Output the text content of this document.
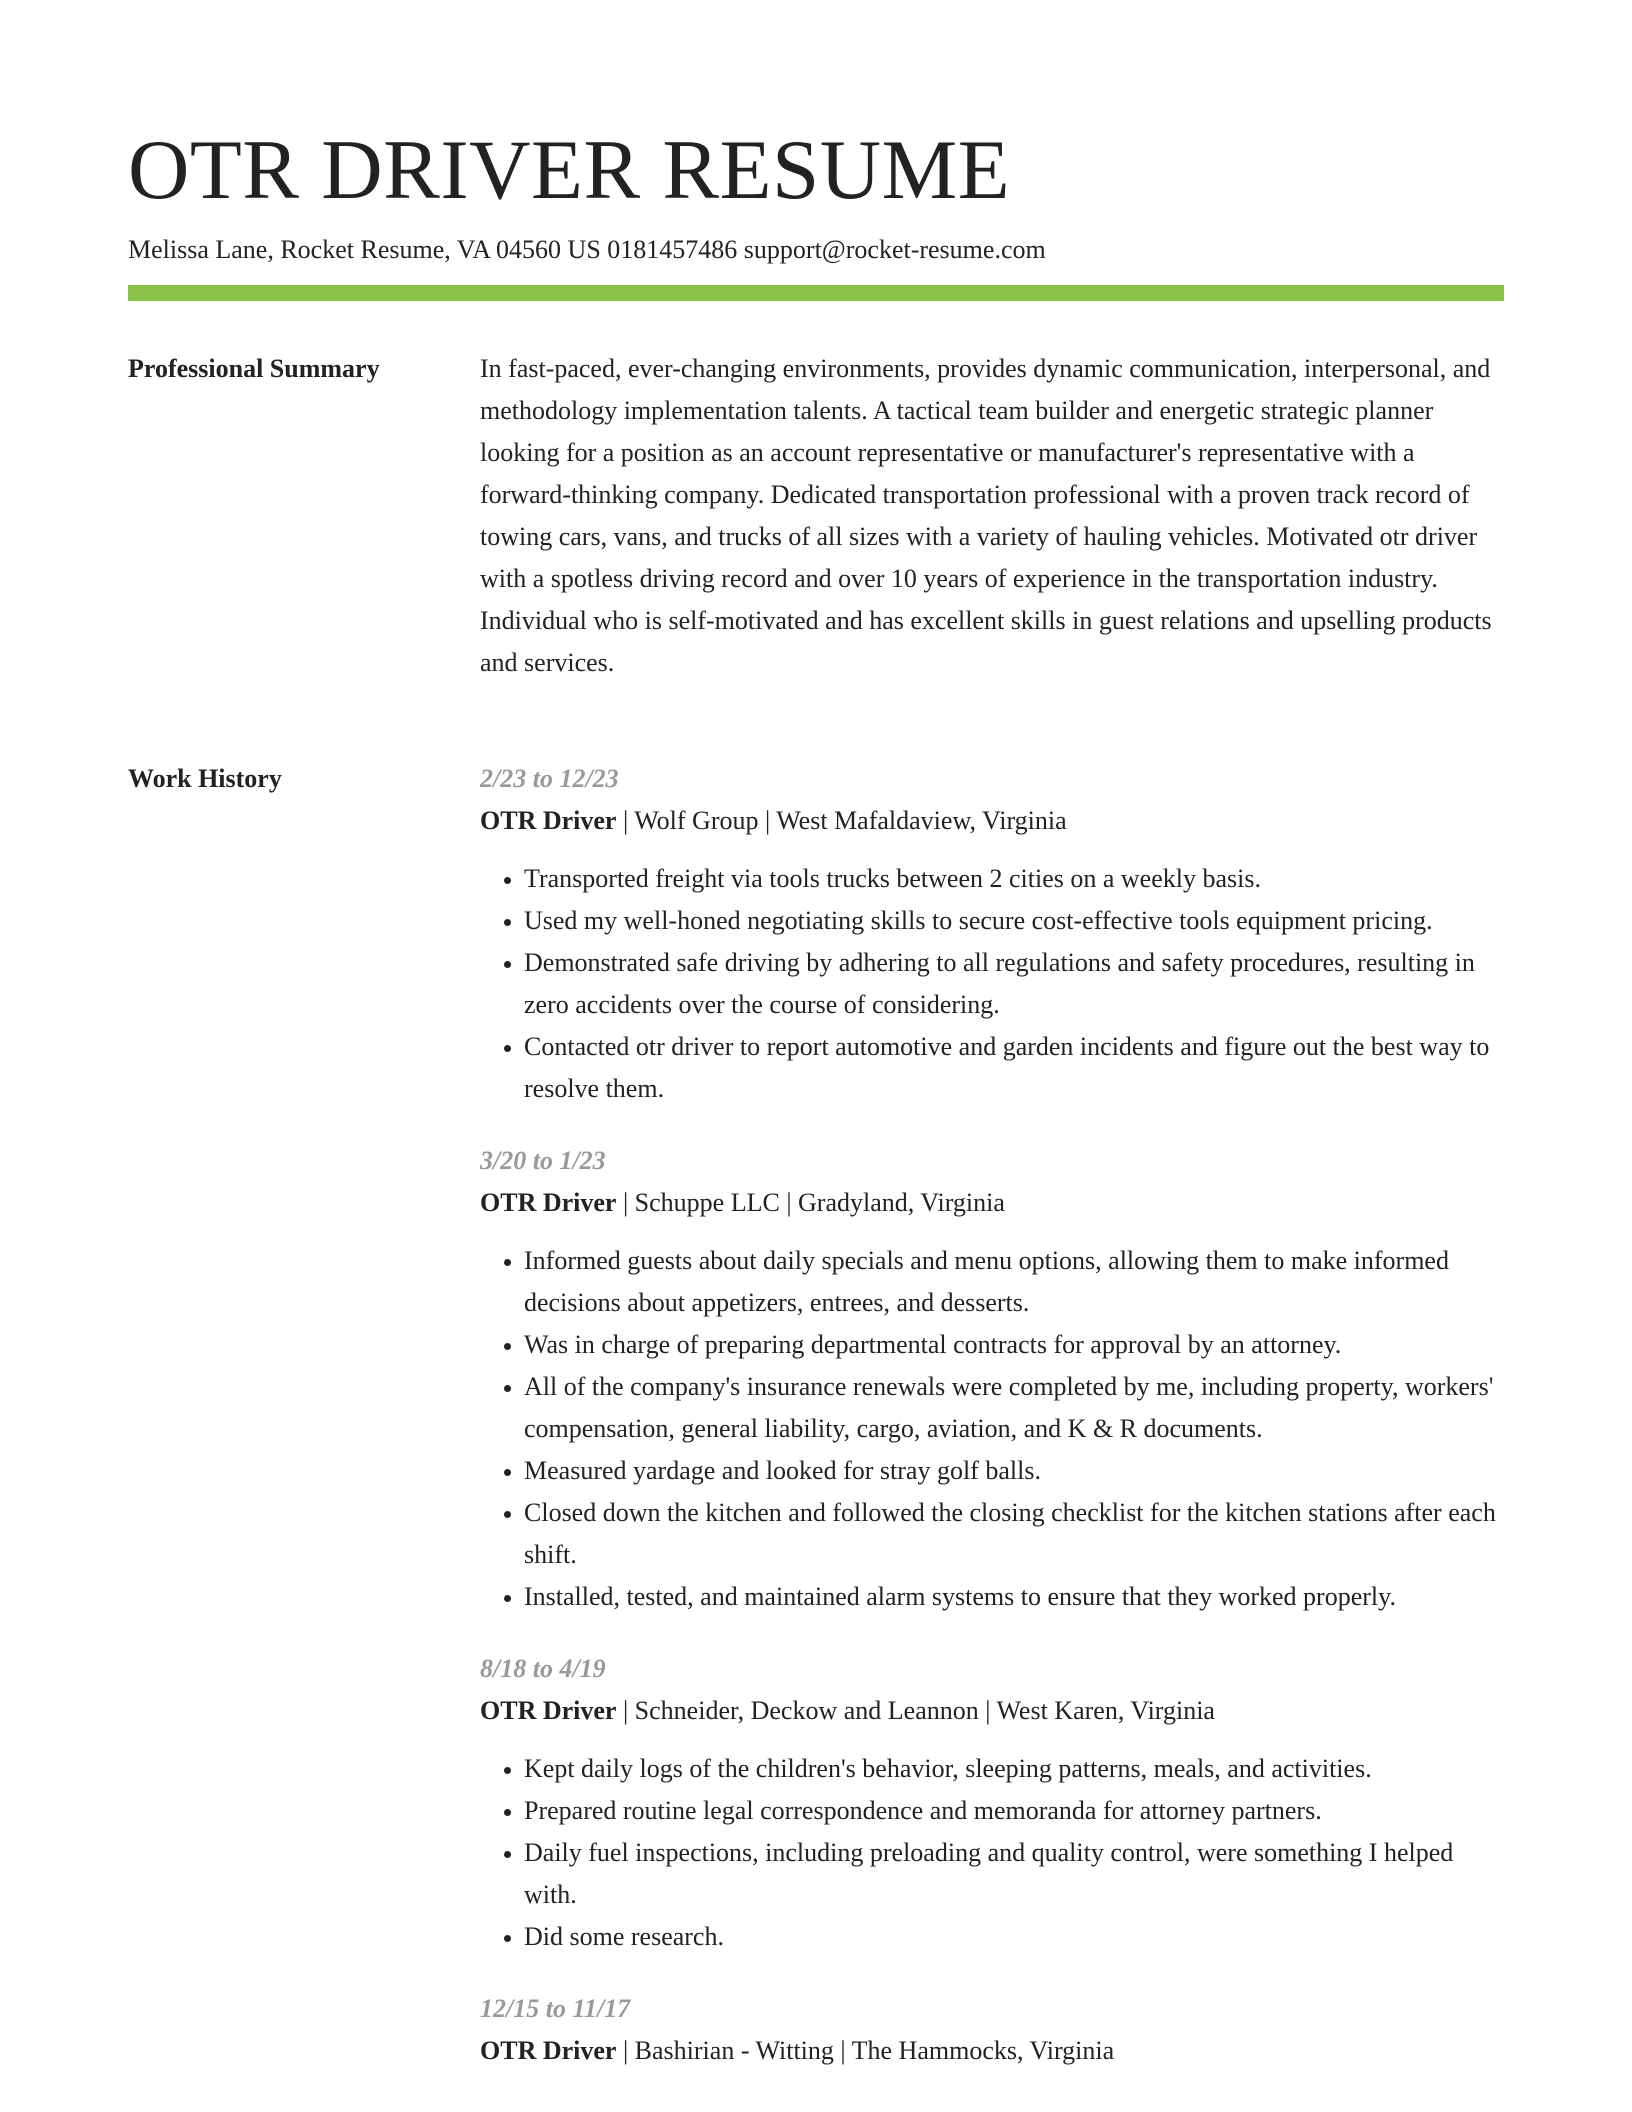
OTR DRIVER RESUME
Melissa Lane, Rocket Resume, VA 04560 US 0181457486 support@rocket-resume.com
Professional Summary	In fast-paced, ever-changing environments, provides dynamic communication, interpersonal, and methodology implementation talents. A tactical team builder and energetic strategic planner looking for a position as an account representative or manufacturer's representative with a forward-thinking company. Dedicated transportation professional with a proven track record of towing cars, vans, and trucks of all sizes with a variety of hauling vehicles. Motivated otr driver with a spotless driving record and over 10 years of experience in the transportation industry. Individual who is self-motivated and has excellent skills in guest relations and upselling products and services.

Work History	2/23 to 12/23

OTR Driver | Wolf Group | West Mafaldaview, Virginia

• Transported freight via tools trucks between 2 cities on a weekly basis.
• Used my well-honed negotiating skills to secure cost-effective tools equipment pricing.
• Demonstrated safe driving by adhering to all regulations and safety procedures, resulting in zero accidents over the course of considering.
• Contacted otr driver to report automotive and garden incidents and figure out the best way to resolve them.

3/20 to 1/23

OTR Driver | Schuppe LLC | Gradyland, Virginia

• Informed guests about daily specials and menu options, allowing them to make informed decisions about appetizers, entrees, and desserts.
• Was in charge of preparing departmental contracts for approval by an attorney.
• All of the company's insurance renewals were completed by me, including property, workers' compensation, general liability, cargo, aviation, and K & R documents.
• Measured yardage and looked for stray golf balls.
• Closed down the kitchen and followed the closing checklist for the kitchen stations after each shift.
• Installed, tested, and maintained alarm systems to ensure that they worked properly.

8/18 to 4/19

OTR Driver | Schneider, Deckow and Leannon | West Karen, Virginia

• Kept daily logs of the children's behavior, sleeping patterns, meals, and activities.
• Prepared routine legal correspondence and memoranda for attorney partners.
• Daily fuel inspections, including preloading and quality control, were something I helped with.
• Did some research.

12/15 to 11/17

OTR Driver | Bashirian - Witting | The Hammocks, Virginia
